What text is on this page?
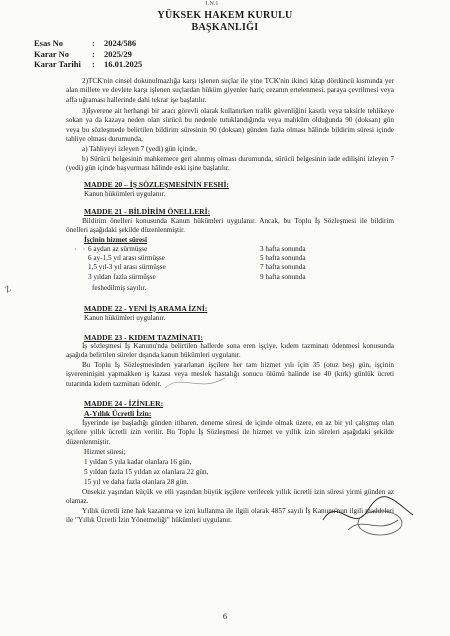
1.N.1
YÜKSEK HAKEM KURULU
BAŞKANLIĞI
Esas No	:	2024/586
Karar No	:	2025/29
Karar Tarihi	:	16.01.2025
2)TCK'nin cinsel dokunulmazlığa karşı işlenen suçlar ile yine TCK'nin ikinci kitap dördüncü kısmında yer alan millete ve devlete karşı işlenen suçlardan hüküm giyenler hariç cezanın ertelenmesi, paraya çevrilmesi veya affa uğraması hallerinde dahi tekrar işe başlatılır.
3)İşverene ait herhangi bir aracı görevli olarak kullanırken trafik güvenliğini kasıtlı veya taksirle tehlikeye sokan ya da kazaya neden olan sürücü bu nedenle tutuklandığında veya mahkûm olduğunda 90 (doksan) gün veya bu sözleşmede belirtilen bildirim süresinin 90 (doksan) günden fazla olması hâlinde bildirim süresi içinde tahliye olması durumunda,
a) Tahliyeyi izleyen 7 (yedi) gün içinde,
b) Sürücü belgesinin mahkemece geri alınmış olması durumunda, sürücü belgesinin iade edilişini izleyen 7 (yedi) gün içinde başvurması hâlinde eski işine başlatılır.
MADDE 20 – İŞ SÖZLEŞMESİNİN FESHİ:
Kanun hükümleri uygulanır.
MADDE 21 - BİLDİRİM ÖNELLERİ:
Bildirim önelleri konusunda Kanun hükümleri uygulanır. Ancak, bu Toplu İş Sözleşmesi ile bildirim önelleri aşağıdaki şekilde düzenlenmiştir.
İşçinin hizmet süresi
· · 6 aydan az sürmüşse	3 hafta sonunda
6 ay-1,5 yıl arası sürmüşse	5 hafta sonunda
1,5 yıl-3 yıl arası sürmüşse	7 hafta sonunda
3 yıldan fazla sürmüşse	9 hafta sonunda
feshedilmiş sayılır.
MADDE 22 - YENİ İŞ ARAMA İZNİ:
Kanun hükümleri uygulanır.
MADDE 23 - KIDEM TAZMİNATI:
İş sözleşmesi İş Kanunu'nda belirtilen hallerde sona eren işçiye, kıdem tazminatı ödenmesi konusunda aşağıda belirtilen süreler dışında kanun hükümleri uygulanır.
Bu Toplu İş Sözleşmesinden yararlanan işçilere her tam hizmet yılı için 35 (otuz beş) gün, işçinin işvereninişini yapmakken iş kazası veya meslek hastalığı sonucu ölümü halinde ise 40 (kırk) günlük ücreti tutarında kıdem tazminatı ödenir.
MADDE 24 - İZİNLER:
A-Yıllık Ücretli İzin:
İşyerinde işe başladığı günden itibaren, deneme süresi de içinde olmak üzere, en az bir yıl çalışmış olan işçilere yıllık ücretli izin verilir. Bu Toplu İş Sözleşmesi ile hizmet ve yıllık izin süreleri aşağıdaki şekilde düzenlenmiştir.
Hizmet süresi;
1 yıldan 5 yıla kadar olanlara 16 gün,
5 yıldan fazla 15 yıldan az olanlara 22 gün,
15 yıl ve daha fazla olanlara 28 gün.
Onsekiz yaşından küçük ve elli yaşından büyük işçilere verilecek yıllık ücretli izin süresi yirmi günden az olamaz.
Yıllık ücretli izne hak kazanma ve izni kullanma ile ilgili olarak 4857 sayılı İş Kanunu'nun ilgili maddeleri ile "Yıllık Ücretli İzin Yönetmeliği" hükümleri uygulanır.
Z
6
